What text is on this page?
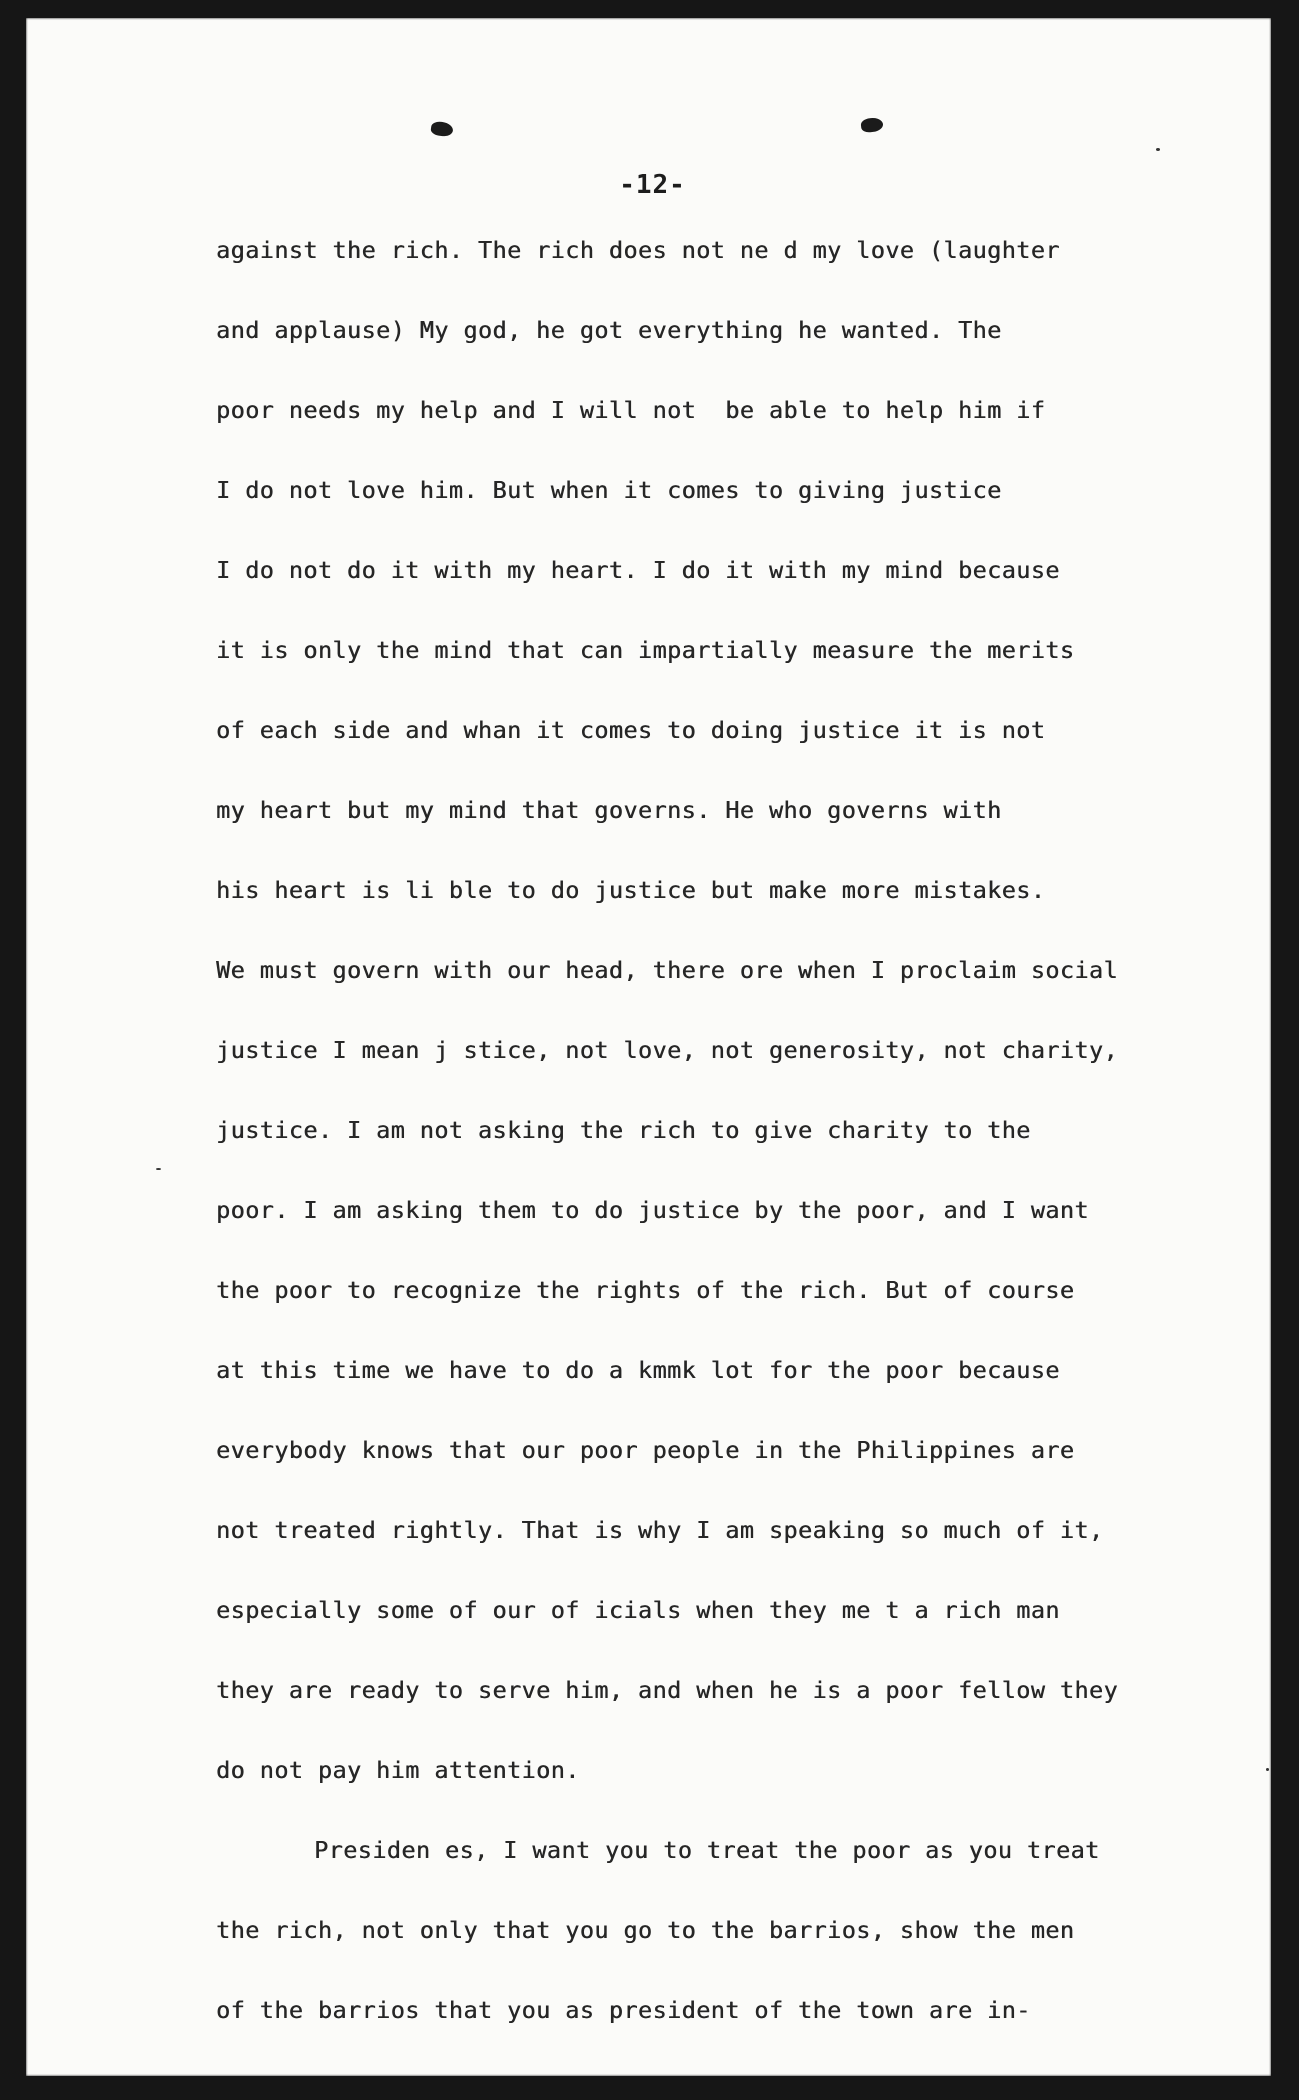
-12-
against the rich. The rich does not ne d my love (laughter
and applause) My god, he got everything he wanted. The
poor needs my help and I will not  be able to help him if
I do not love him. But when it comes to giving justice
I do not do it with my heart. I do it with my mind because
it is only the mind that can impartially measure the merits
of each side and whan it comes to doing justice it is not
my heart but my mind that governs. He who governs with
his heart is li ble to do justice but make more mistakes.
We must govern with our head, there ore when I proclaim social
justice I mean j stice, not love, not generosity, not charity,
justice. I am not asking the rich to give charity to the
poor. I am asking them to do justice by the poor, and I want
the poor to recognize the rights of the rich. But of course
at this time we have to do a kmmk lot for the poor because
everybody knows that our poor people in the Philippines are
not treated rightly. That is why I am speaking so much of it,
especially some of our of icials when they me t a rich man
they are ready to serve him, and when he is a poor fellow they
do not pay him attention.
Presiden es, I want you to treat the poor as you treat
the rich, not only that you go to the barrios, show the men
of the barrios that you as president of the town are in-
